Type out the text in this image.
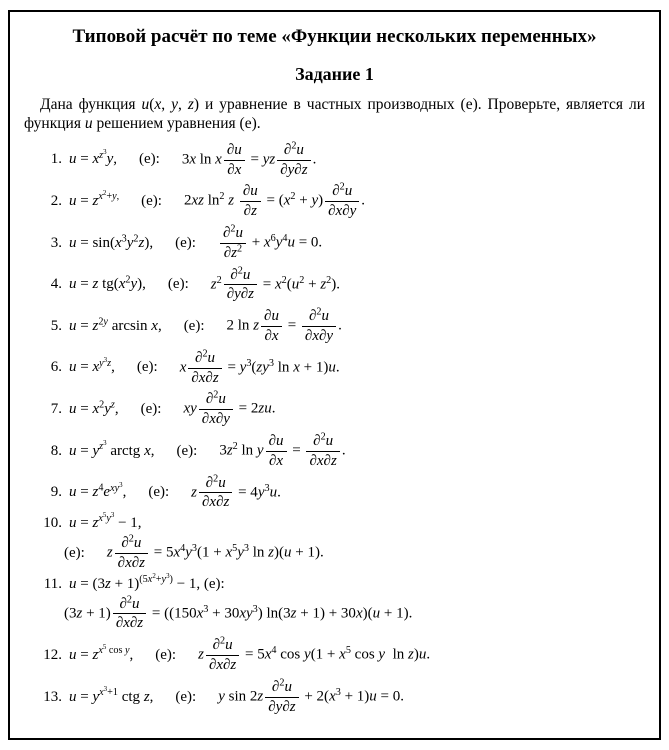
Типовой расчёт по теме «Функции нескольких переменных»
Задание 1

Дана функция u(x, y, z) и уравнение в частных производных (e). Проверьте, является ли функция u решением уравнения (e).

1. $u = x^{z^3}y$, (e): 3x ln x $\frac{\partial u}{\partial x}$ = yz $\frac{\partial^2u}{\partial y\partial z}$ .
2. $u = z^{x^2+y,}$ (e): 2xz $\ln^2 z \frac{\partial u}{\partial z} = (x^2 + y) \frac{\partial^2u}{\partial x\partial y}$ .
3. $u = \sin(x^3y^2z)$, (e): $\frac{\partial^2u}{\partial z^2} + x^6y^4u = 0$.
4. u = z $tg(x^2y)$, (e): $z^2 \frac{\partial^2u}{\partial y\partial z} = x^2(u^2 + z^2)$.
5. $u = z^{2y}$ arcsin x, (e): 2 ln z $\frac{\partial u}{\partial x} = \frac{\partial^2u}{\partial x\partial y}$ .
6. $u = x^{y^3z}$, (e): x $\frac{\partial^2u}{\partial x\partial z} = y^3(zy^3$ ln x + 1)u.
7. $u = x^2y^z$, (e): xy $\frac{\partial^2u}{\partial x\partial y} = 2zu$.
8. $u = y^{z^3}$ arctg x, (e): $3z^2$ ln y $\frac{\partial u}{\partial x} = \frac{\partial^2u}{\partial x\partial z}$ .
9. $u = z^4e^{xy^3}$, (e): z $\frac{\partial^2u}{\partial x\partial z} = 4y^3u$.
10. $u = z^{x^5y^3} - 1$,
(e): z $\frac{\partial^2u}{\partial x\partial z} = 5x^4y^3(1 + x^5y^3$ ln z)(u + 1).
11. $u = (3z + 1)^{(5x^2+y^3)} - 1$, (e):
$(3z + 1) \frac{\partial^2u}{\partial x\partial z} = ((150x^3 + 30xy^3) \ln(3z + 1) + 30x)(u + 1)$.
12. $u = z^{x^5 cos y}$, (e): z $\frac{\partial^2u}{\partial x\partial z} = 5x^4$ $\cos y(1 + x^5$ cos y  ln z)u.
13. $u = y^{x^3+1}$ ctg z, (e): y $\sin 2z \frac{\partial^2u}{\partial y\partial z} + 2(x^3 + 1)u = 0$.
